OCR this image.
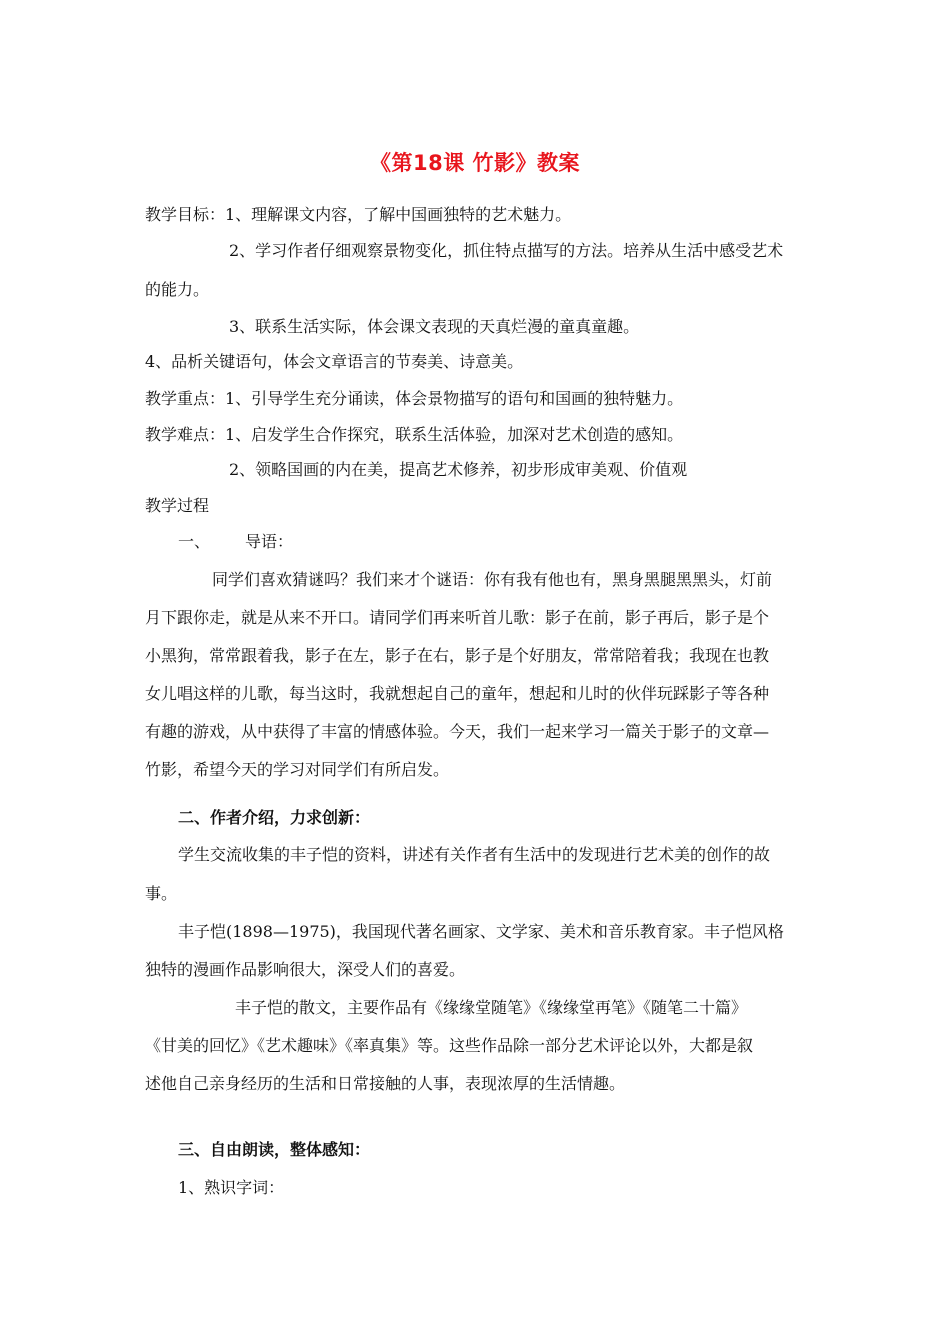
《第18课 竹影》教案
教学目标：1、理解课文内容，了解中国画独特的艺术魅力。
2、学习作者仔细观察景物变化，抓住特点描写的方法。培养从生活中感受艺术
的能力。
3、联系生活实际，体会课文表现的天真烂漫的童真童趣。
4、品析关键语句，体会文章语言的节奏美、诗意美。
教学重点：1、引导学生充分诵读，体会景物描写的语句和国画的独特魅力。
教学难点：1、启发学生合作探究，联系生活体验，加深对艺术创造的感知。
2、领略国画的内在美，提高艺术修养，初步形成审美观、价值观
教学过程
一、 导语：
同学们喜欢猜谜吗？我们来才个谜语：你有我有他也有，黑身黑腿黑黑头，灯前
月下跟你走，就是从来不开口。请同学们再来听首儿歌：影子在前，影子再后，影子是个
小黑狗，常常跟着我，影子在左，影子在右，影子是个好朋友，常常陪着我；我现在也教
女儿唱这样的儿歌，每当这时，我就想起自己的童年，想起和儿时的伙伴玩踩影子等各种
有趣的游戏，从中获得了丰富的情感体验。今天，我们一起来学习一篇关于影子的文章—
竹影，希望今天的学习对同学们有所启发。
二、作者介绍，力求创新：
学生交流收集的丰子恺的资料，讲述有关作者有生活中的发现进行艺术美的创作的故
事。
丰子恺(1898—1975)，我国现代著名画家、文学家、美术和音乐教育家。丰子恺风格
独特的漫画作品影响很大，深受人们的喜爱。
丰子恺的散文，主要作品有《缘缘堂随笔》《缘缘堂再笔》《随笔二十篇》
《甘美的回忆》《艺术趣味》《率真集》等。这些作品除一部分艺术评论以外，大都是叙
述他自己亲身经历的生活和日常接触的人事，表现浓厚的生活情趣。
三、自由朗读，整体感知：
1、熟识字词：
